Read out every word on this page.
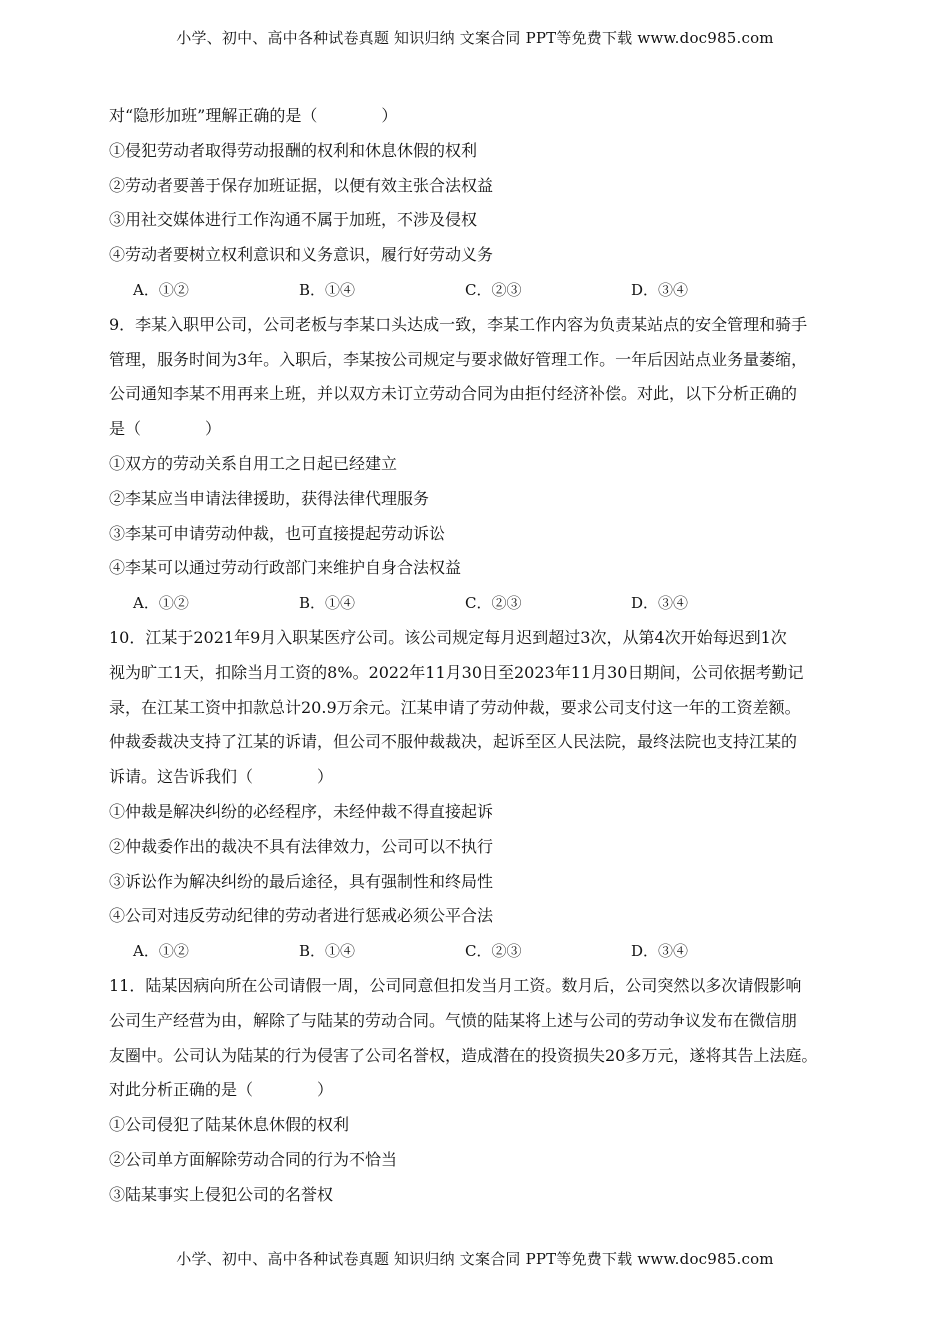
小学、初中、高中各种试卷真题 知识归纳 文案合同 PPT等免费下载 www.doc985.com
对“隐形加班”理解正确的是（　　　　）
①侵犯劳动者取得劳动报酬的权利和休息休假的权利
②劳动者要善于保存加班证据，以便有效主张合法权益
③用社交媒体进行工作沟通不属于加班，不涉及侵权
④劳动者要树立权利意识和义务意识，履行好劳动义务
A．①②	B．①④	C．②③	D．③④
9．李某入职甲公司，公司老板与李某口头达成一致，李某工作内容为负责某站点的安全管理和骑手
管理，服务时间为3年。入职后，李某按公司规定与要求做好管理工作。一年后因站点业务量萎缩，
公司通知李某不用再来上班，并以双方未订立劳动合同为由拒付经济补偿。对此，以下分析正确的
是（　　　　）
①双方的劳动关系自用工之日起已经建立
②李某应当申请法律援助，获得法律代理服务
③李某可申请劳动仲裁，也可直接提起劳动诉讼
④李某可以通过劳动行政部门来维护自身合法权益
A．①②	B．①④	C．②③	D．③④
10．江某于2021年9月入职某医疗公司。该公司规定每月迟到超过3次，从第4次开始每迟到1次
视为旷工1天，扣除当月工资的8%。2022年11月30日至2023年11月30日期间，公司依据考勤记
录，在江某工资中扣款总计20.9万余元。江某申请了劳动仲裁，要求公司支付这一年的工资差额。
仲裁委裁决支持了江某的诉请，但公司不服仲裁裁决，起诉至区人民法院，最终法院也支持江某的
诉请。这告诉我们（　　　　）
①仲裁是解决纠纷的必经程序，未经仲裁不得直接起诉
②仲裁委作出的裁决不具有法律效力，公司可以不执行
③诉讼作为解决纠纷的最后途径，具有强制性和终局性
④公司对违反劳动纪律的劳动者进行惩戒必须公平合法
A．①②	B．①④	C．②③	D．③④
11．陆某因病向所在公司请假一周，公司同意但扣发当月工资。数月后，公司突然以多次请假影响
公司生产经营为由，解除了与陆某的劳动合同。气愤的陆某将上述与公司的劳动争议发布在微信朋
友圈中。公司认为陆某的行为侵害了公司名誉权，造成潜在的投资损失20多万元，遂将其告上法庭。
对此分析正确的是（　　　　）
①公司侵犯了陆某休息休假的权利
②公司单方面解除劳动合同的行为不恰当
③陆某事实上侵犯公司的名誉权
小学、初中、高中各种试卷真题 知识归纳 文案合同 PPT等免费下载 www.doc985.com
